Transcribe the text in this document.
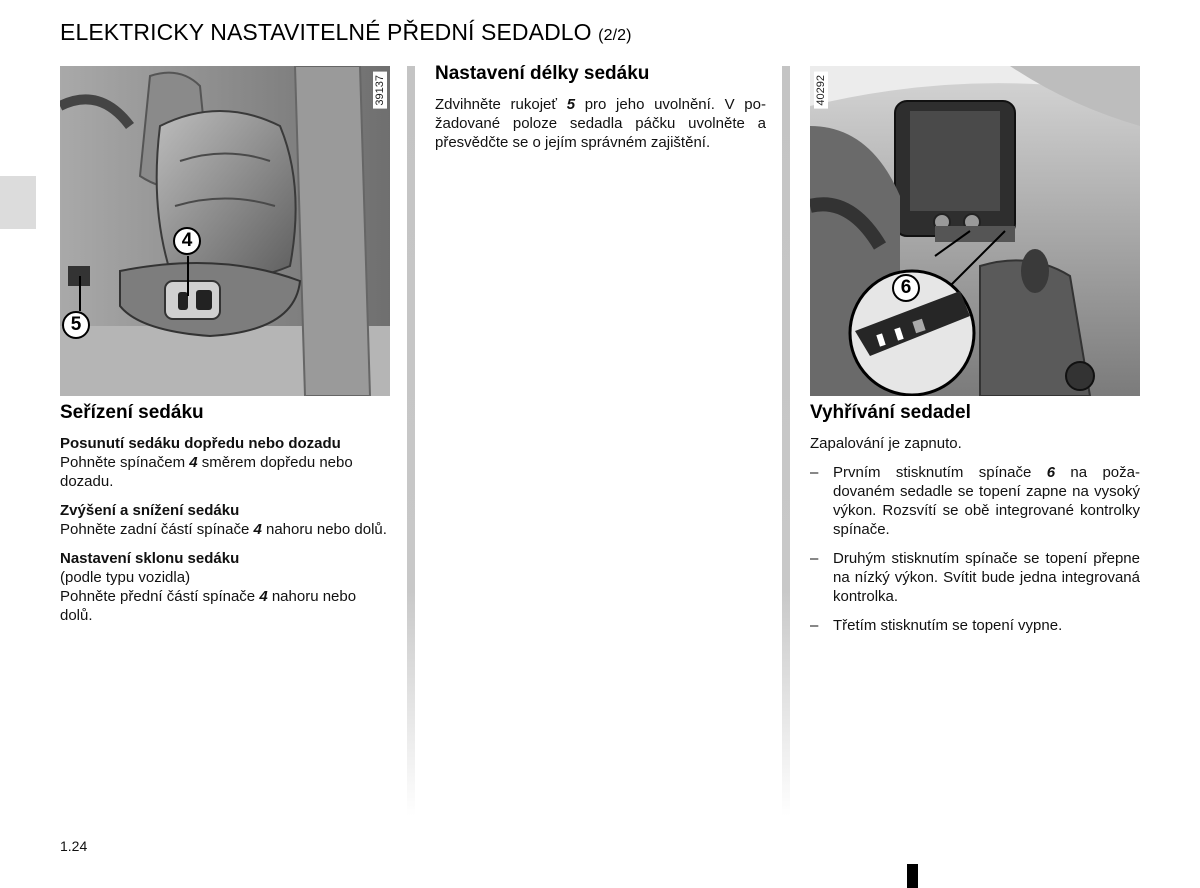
ELEKTRICKY NASTAVITELNÉ PŘEDNÍ SEDADLO (2/2)
39137
4
5
40292
6
Seřízení sedáku

Posunutí sedáku dopředu nebo dozadu
Pohněte spínačem 4 směrem dopředu nebo dozadu.

Zvýšení a snížení sedáku
Pohněte zadní částí spínače 4 nahoru nebo dolů.

Nastavení sklonu sedáku
(podle typu vozidla)
Pohněte přední částí spínače 4 nahoru nebo dolů.

Nastavení délky sedáku

Zdvihněte rukojeť 5 pro jeho uvolnění. V požadované poloze sedadla páčku uvolněte a přesvědčte se o jejím správném zajištění.

Vyhřívání sedadel

Zapalování je zapnuto.

– Prvním stisknutím spínače 6 na požadovaném sedadle se topení zapne na vysoký výkon. Rozsvítí se obě integrované kontrolky spínače.
– Druhým stisknutím spínače se topení přepne na nízký výkon. Svítit bude jedna integrovaná kontrolka.
– Třetím stisknutím se topení vypne.
1.24
